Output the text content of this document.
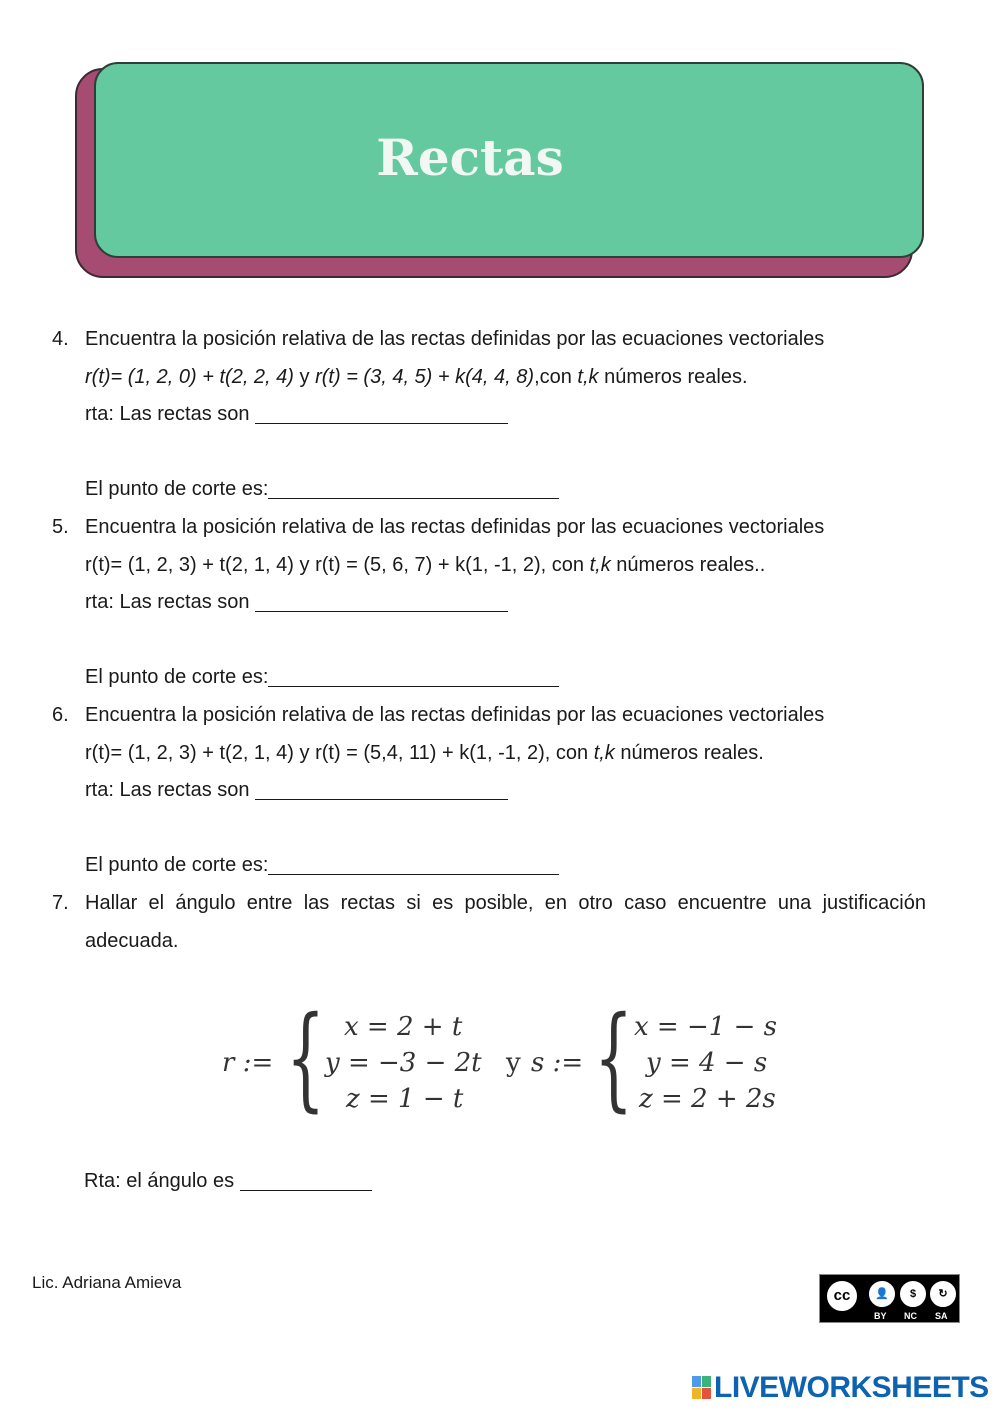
Rectas
4. Encuentra la posición relativa de las rectas definidas por las ecuaciones vectoriales
r(t)= (1, 2, 0) + t(2, 2, 4) y r(t) = (3, 4, 5) + k(4, 4, 8),con t,k números reales.
rta: Las rectas son
El punto de corte es:
5. Encuentra la posición relativa de las rectas definidas por las ecuaciones vectoriales
r(t)= (1, 2, 3) + t(2, 1, 4) y r(t) = (5, 6, 7) + k(1, -1, 2), con t,k números reales..
rta: Las rectas son
El punto de corte es:
6. Encuentra la posición relativa de las rectas definidas por las ecuaciones vectoriales
r(t)= (1, 2, 3) + t(2, 1, 4) y r(t) = (5,4, 11) + k(1, -1, 2), con t,k números reales.
rta: Las rectas son
El punto de corte es:
7. Hallar el ángulo entre las rectas si es posible, en otro caso encuentre una justificación adecuada.
r := { x = 2 + t
y = −3 − 2t
z = 1 − t
y s := { x = −1 − s
y = 4 − s
z = 2 + 2s
Rta: el ángulo es
Lic. Adriana Amieva
cc	👤	$	↻
BY NC SA
LIVEWORKSHEETS
